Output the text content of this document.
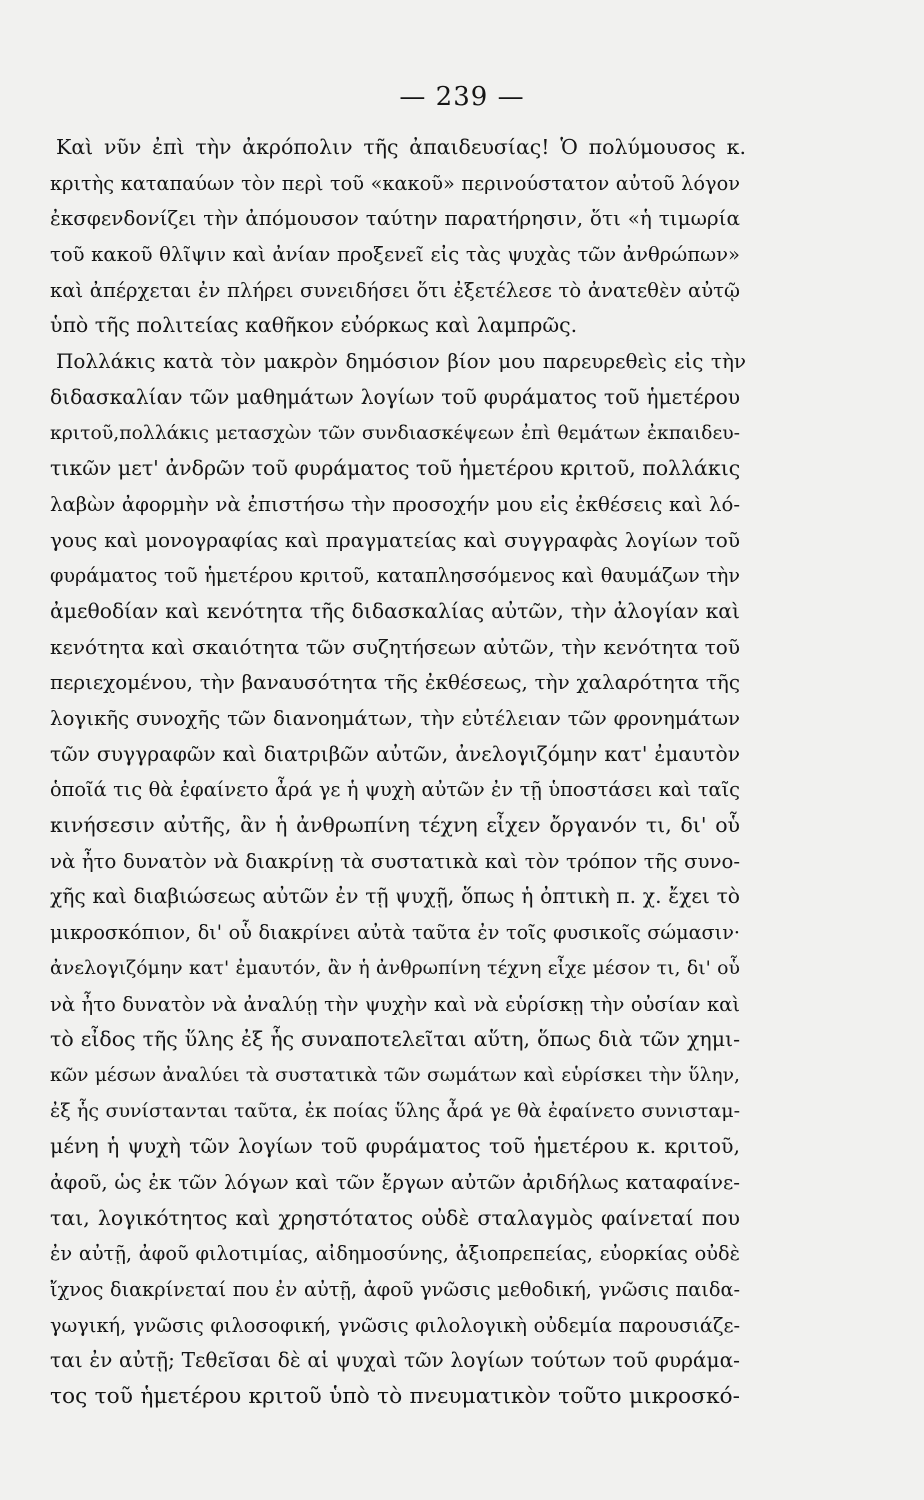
— 239 —
Καὶ νῦν ἐπὶ τὴν ἀκρόπολιν τῆς ἀπαιδευσίας! Ὁ πολύμουσος κ.
κριτὴς καταπαύων τὸν περὶ τοῦ «κακοῦ» περινούστατον αὐτοῦ λόγον
ἐκσφενδονίζει τὴν ἀπόμουσον ταύτην παρατήρησιν, ὅτι «ἡ τιμωρία
τοῦ κακοῦ θλῖψιν καὶ ἀνίαν προξενεῖ εἰς τὰς ψυχὰς τῶν ἀνθρώπων»
καὶ ἀπέρχεται ἐν πλήρει συνειδήσει ὅτι ἐξετέλεσε τὸ ἀνατεθὲν αὐτῷ
ὑπὸ τῆς πολιτείας καθῆκον εὐόρκως καὶ λαμπρῶς.
Πολλάκις κατὰ τὸν μακρὸν δημόσιον βίον μου παρευρεθεὶς εἰς τὴν
διδασκαλίαν τῶν μαθημάτων λογίων τοῦ φυράματος τοῦ ἡμετέρου
κριτοῦ,πολλάκις μετασχὼν τῶν συνδιασκέψεων ἐπὶ θεμάτων ἐκπαιδευ-
τικῶν μετ' ἀνδρῶν τοῦ φυράματος τοῦ ἡμετέρου κριτοῦ, πολλάκις
λαβὼν ἀφορμὴν νὰ ἐπιστήσω τὴν προσοχήν μου εἰς ἐκθέσεις καὶ λό-
γους καὶ μονογραφίας καὶ πραγματείας καὶ συγγραφὰς λογίων τοῦ
φυράματος τοῦ ἡμετέρου κριτοῦ, καταπλησσόμενος καὶ θαυμάζων τὴν
ἀμεθοδίαν καὶ κενότητα τῆς διδασκαλίας αὐτῶν, τὴν ἀλογίαν καὶ
κενότητα καὶ σκαιότητα τῶν συζητήσεων αὐτῶν, τὴν κενότητα τοῦ
περιεχομένου, τὴν βαναυσότητα τῆς ἐκθέσεως, τὴν χαλαρότητα τῆς
λογικῆς συνοχῆς τῶν διανοημάτων, τὴν εὐτέλειαν τῶν φρονημάτων
τῶν συγγραφῶν καὶ διατριβῶν αὐτῶν, ἀνελογιζόμην κατ' ἐμαυτὸν
ὁποῖά τις θὰ ἐφαίνετο ἆρά γε ἡ ψυχὴ αὐτῶν ἐν τῇ ὑποστάσει καὶ ταῖς
κινήσεσιν αὐτῆς, ἂν ἡ ἀνθρωπίνη τέχνη εἶχεν ὄργανόν τι, δι' οὗ
νὰ ἦτο δυνατὸν νὰ διακρίνῃ τὰ συστατικὰ καὶ τὸν τρόπον τῆς συνο-
χῆς καὶ διαβιώσεως αὐτῶν ἐν τῇ ψυχῇ, ὅπως ἡ ὀπτικὴ π. χ. ἔχει τὸ
μικροσκόπιον, δι' οὗ διακρίνει αὐτὰ ταῦτα ἐν τοῖς φυσικοῖς σώμασιν·
ἀνελογιζόμην κατ' ἐμαυτόν, ἂν ἡ ἀνθρωπίνη τέχνη εἶχε μέσον τι, δι' οὗ
νὰ ἦτο δυνατὸν νὰ ἀναλύῃ τὴν ψυχὴν καὶ νὰ εὑρίσκῃ τὴν οὐσίαν καὶ
τὸ εἶδος τῆς ὕλης ἐξ ἧς συναποτελεῖται αὕτη, ὅπως διὰ τῶν χημι-
κῶν μέσων ἀναλύει τὰ συστατικὰ τῶν σωμάτων καὶ εὑρίσκει τὴν ὕλην,
ἐξ ἧς συνίστανται ταῦτα, ἐκ ποίας ὕλης ἆρά γε θὰ ἐφαίνετο συνισταμ-
μένη ἡ ψυχὴ τῶν λογίων τοῦ φυράματος τοῦ ἡμετέρου κ. κριτοῦ,
ἀφοῦ, ὡς ἐκ τῶν λόγων καὶ τῶν ἔργων αὐτῶν ἀριδήλως καταφαίνε-
ται, λογικότητος καὶ χρηστότατος οὐδὲ σταλαγμὸς φαίνεταί που
ἐν αὐτῇ, ἀφοῦ φιλοτιμίας, αἰδημοσύνης, ἀξιοπρεπείας, εὐορκίας οὐδὲ
ἴχνος διακρίνεταί που ἐν αὐτῇ, ἀφοῦ γνῶσις μεθοδική, γνῶσις παιδα-
γωγική, γνῶσις φιλοσοφική, γνῶσις φιλολογικὴ οὐδεμία παρουσιάζε-
ται ἐν αὐτῇ; Τεθεῖσαι δὲ αἱ ψυχαὶ τῶν λογίων τούτων τοῦ φυράμα-
τος τοῦ ἡμετέρου κριτοῦ ὑπὸ τὸ πνευματικὸν τοῦτο μικροσκό-
